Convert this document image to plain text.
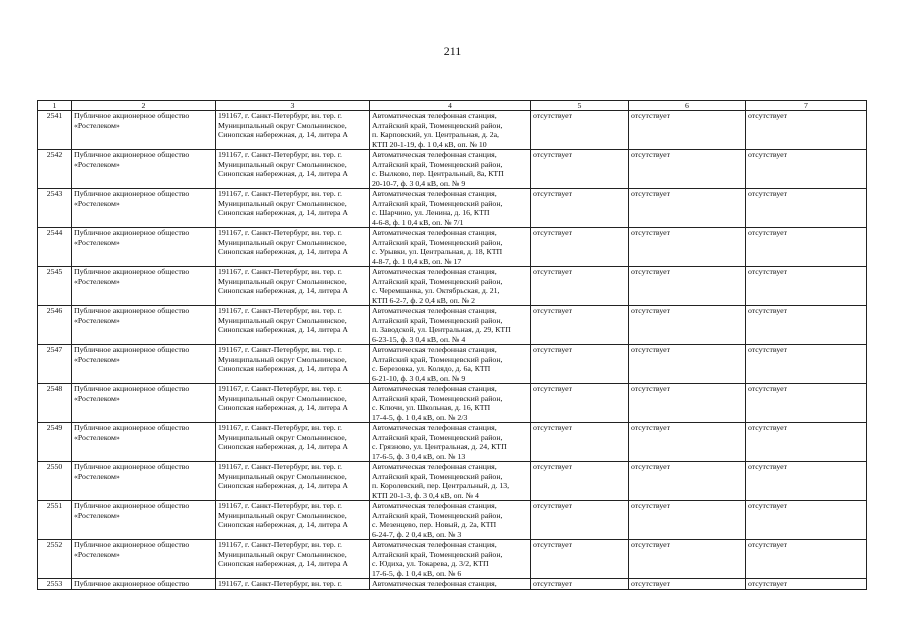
211
1	2	3	4	5	6	7
2541	Публичное акционерное общество
«Ростелеком»	191167, г. Санкт-Петербург, вн. тер. г.
Муниципальный округ Смольнинское,
Синопская набережная, д. 14, литера А	Автоматическая телефонная станция,
Алтайский край, Тюменцевский район,
п. Карповский, ул. Центральная, д. 2а,
КТП 20-1-19, ф. 1 0,4 кВ, оп. № 10	отсутствует	отсутствует	отсутствует
2542	Публичное акционерное общество
«Ростелеком»	191167, г. Санкт-Петербург, вн. тер. г.
Муниципальный округ Смольнинское,
Синопская набережная, д. 14, литера А	Автоматическая телефонная станция,
Алтайский край, Тюменцевский район,
с. Вылково, пер. Центральный, 8а, КТП
20-10-7, ф. 3 0,4 кВ, оп. № 9	отсутствует	отсутствует	отсутствует
2543	Публичное акционерное общество
«Ростелеком»	191167, г. Санкт-Петербург, вн. тер. г.
Муниципальный округ Смольнинское,
Синопская набережная, д. 14, литера А	Автоматическая телефонная станция,
Алтайский край, Тюменцевский район,
с. Шарчино, ул. Ленина, д. 16, КТП
4-6-8, ф. 1 0,4 кВ, оп. № 7/1	отсутствует	отсутствует	отсутствует
2544	Публичное акционерное общество
«Ростелеком»	191167, г. Санкт-Петербург, вн. тер. г.
Муниципальный округ Смольнинское,
Синопская набережная, д. 14, литера А	Автоматическая телефонная станция,
Алтайский край, Тюменцевский район,
с. Урывки, ул. Центральная, д. 18, КТП
4-8-7, ф. 1 0,4 кВ, оп. № 17	отсутствует	отсутствует	отсутствует
2545	Публичное акционерное общество
«Ростелеком»	191167, г. Санкт-Петербург, вн. тер. г.
Муниципальный округ Смольнинское,
Синопская набережная, д. 14, литера А	Автоматическая телефонная станция,
Алтайский край, Тюменцевский район,
с. Черемшанка, ул. Октябрьская, д. 21,
КТП 6-2-7, ф. 2 0,4 кВ, оп. № 2	отсутствует	отсутствует	отсутствует
2546	Публичное акционерное общество
«Ростелеком»	191167, г. Санкт-Петербург, вн. тер. г.
Муниципальный округ Смольнинское,
Синопская набережная, д. 14, литера А	Автоматическая телефонная станция,
Алтайский край, Тюменцевский район,
п. Заводской, ул. Центральная, д. 29, КТП
6-23-15, ф. 3 0,4 кВ, оп. № 4	отсутствует	отсутствует	отсутствует
2547	Публичное акционерное общество
«Ростелеком»	191167, г. Санкт-Петербург, вн. тер. г.
Муниципальный округ Смольнинское,
Синопская набережная, д. 14, литера А	Автоматическая телефонная станция,
Алтайский край, Тюменцевский район,
с. Березовка, ул. Колядо, д. 6а, КТП
6-21-10, ф. 3 0,4 кВ, оп. № 9	отсутствует	отсутствует	отсутствует
2548	Публичное акционерное общество
«Ростелеком»	191167, г. Санкт-Петербург, вн. тер. г.
Муниципальный округ Смольнинское,
Синопская набережная, д. 14, литера А	Автоматическая телефонная станция,
Алтайский край, Тюменцевский район,
с. Ключи, ул. Школьная, д. 16, КТП
17-4-5, ф. 1 0,4 кВ, оп. № 2/3	отсутствует	отсутствует	отсутствует
2549	Публичное акционерное общество
«Ростелеком»	191167, г. Санкт-Петербург, вн. тер. г.
Муниципальный округ Смольнинское,
Синопская набережная, д. 14, литера А	Автоматическая телефонная станция,
Алтайский край, Тюменцевский район,
с. Грязново, ул. Центральная, д. 24, КТП
17-6-5, ф. 3 0,4 кВ, оп. № 13	отсутствует	отсутствует	отсутствует
2550	Публичное акционерное общество
«Ростелеком»	191167, г. Санкт-Петербург, вн. тер. г.
Муниципальный округ Смольнинское,
Синопская набережная, д. 14, литера А	Автоматическая телефонная станция,
Алтайский край, Тюменцевский район,
п. Королевский, пер. Центральный, д. 13,
КТП 20-1-3, ф. 3 0,4 кВ, оп. № 4	отсутствует	отсутствует	отсутствует
2551	Публичное акционерное общество
«Ростелеком»	191167, г. Санкт-Петербург, вн. тер. г.
Муниципальный округ Смольнинское,
Синопская набережная, д. 14, литера А	Автоматическая телефонная станция,
Алтайский край, Тюменцевский район,
с. Мезенцево, пер. Новый, д. 2а, КТП
6-24-7, ф. 2 0,4 кВ, оп. № 3	отсутствует	отсутствует	отсутствует
2552	Публичное акционерное общество
«Ростелеком»	191167, г. Санкт-Петербург, вн. тер. г.
Муниципальный округ Смольнинское,
Синопская набережная, д. 14, литера А	Автоматическая телефонная станция,
Алтайский край, Тюменцевский район,
с. Юдиха, ул. Токарева, д. 3/2, КТП
17-6-5, ф. 1 0,4 кВ, оп. № 6	отсутствует	отсутствует	отсутствует
2553	Публичное акционерное общество	191167, г. Санкт-Петербург, вн. тер. г.	Автоматическая телефонная станция,	отсутствует	отсутствует	отсутствует
